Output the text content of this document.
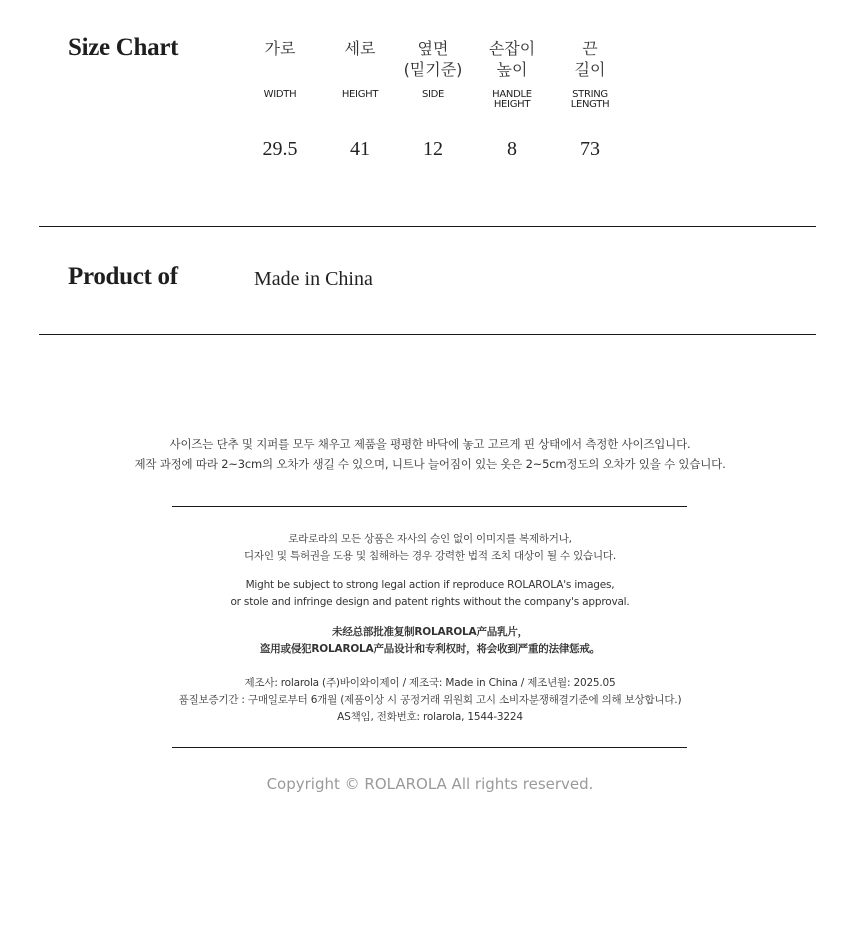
Size Chart	가로
WIDTH
29.5
세로
HEIGHT
41
옆면
(밑기준)
SIDE
12
손잡이
높이
HANDLE
HEIGHT
8
끈
길이
STRING
LENGTH
73
Product of	Made in China
사이즈는 단추 및 지퍼를 모두 채우고 제품을 평평한 바닥에 놓고 고르게 핀 상태에서 측정한 사이즈입니다.
제작 과정에 따라 2~3cm의 오차가 생길 수 있으며, 니트나 늘어짐이 있는 옷은 2~5cm정도의 오차가 있을 수 있습니다.
로라로라의 모든 상품은 자사의 승인 없이 이미지를 복제하거나,
디자인 및 특허권을 도용 및 침해하는 경우 강력한 법적 조치 대상이 될 수 있습니다.
Might be subject to strong legal action if reproduce ROLAROLA's images,
or stole and infringe design and patent rights without the company's approval.
未经总部批准复制ROLAROLA产品乳片，
盗用或侵犯ROLAROLA产品设计和专利权时，将会收到严重的法律惩戒。
제조사: rolarola (주)바이와이제이 / 제조국: Made in China / 제조년월: 2025.05
품질보증기간 : 구매일로부터 6개월 (제품이상 시 공정거래 위원회 고시 소비자분쟁해결기준에 의해 보상합니다.)
AS책임, 전화번호: rolarola, 1544-3224
Copyright © ROLAROLA All rights reserved.
